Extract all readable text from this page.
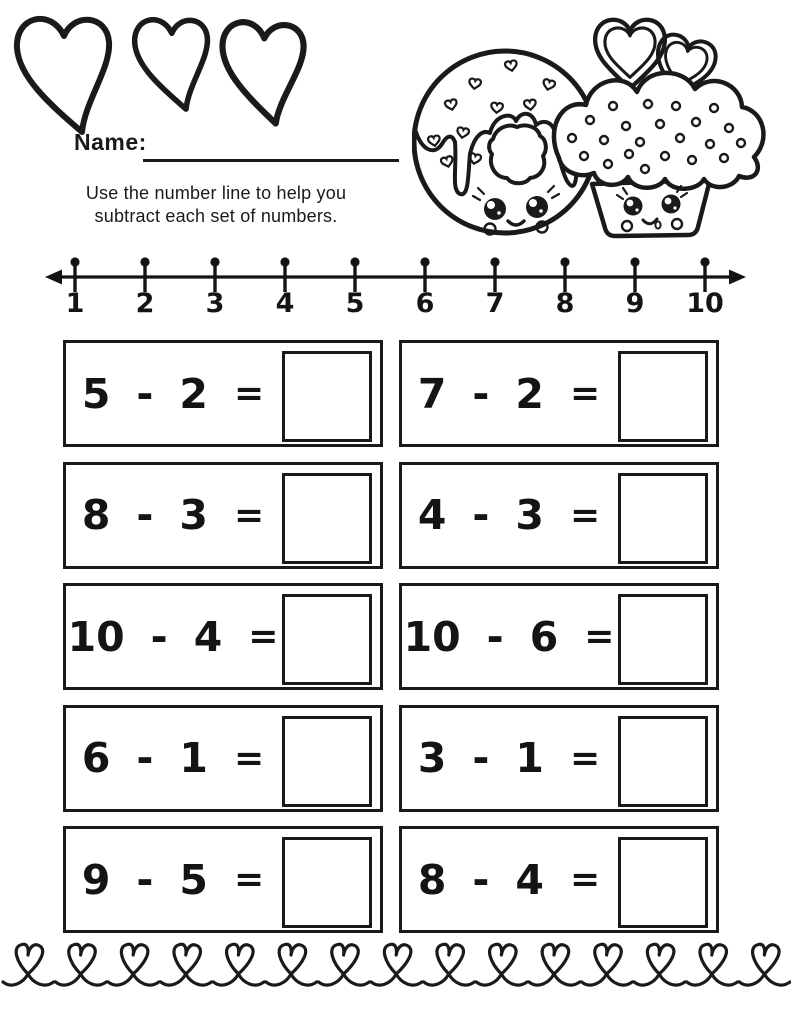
Name:
Use the number line to help you
subtract each set of numbers.
1 2 3 4 5 6 7 8 9 10
5 - 2 =	7 - 2 =
8 - 3 =	4 - 3 =
10 - 4 =	10 - 6 =
6 - 1 =	3 - 1 =
9 - 5 =	8 - 4 =
